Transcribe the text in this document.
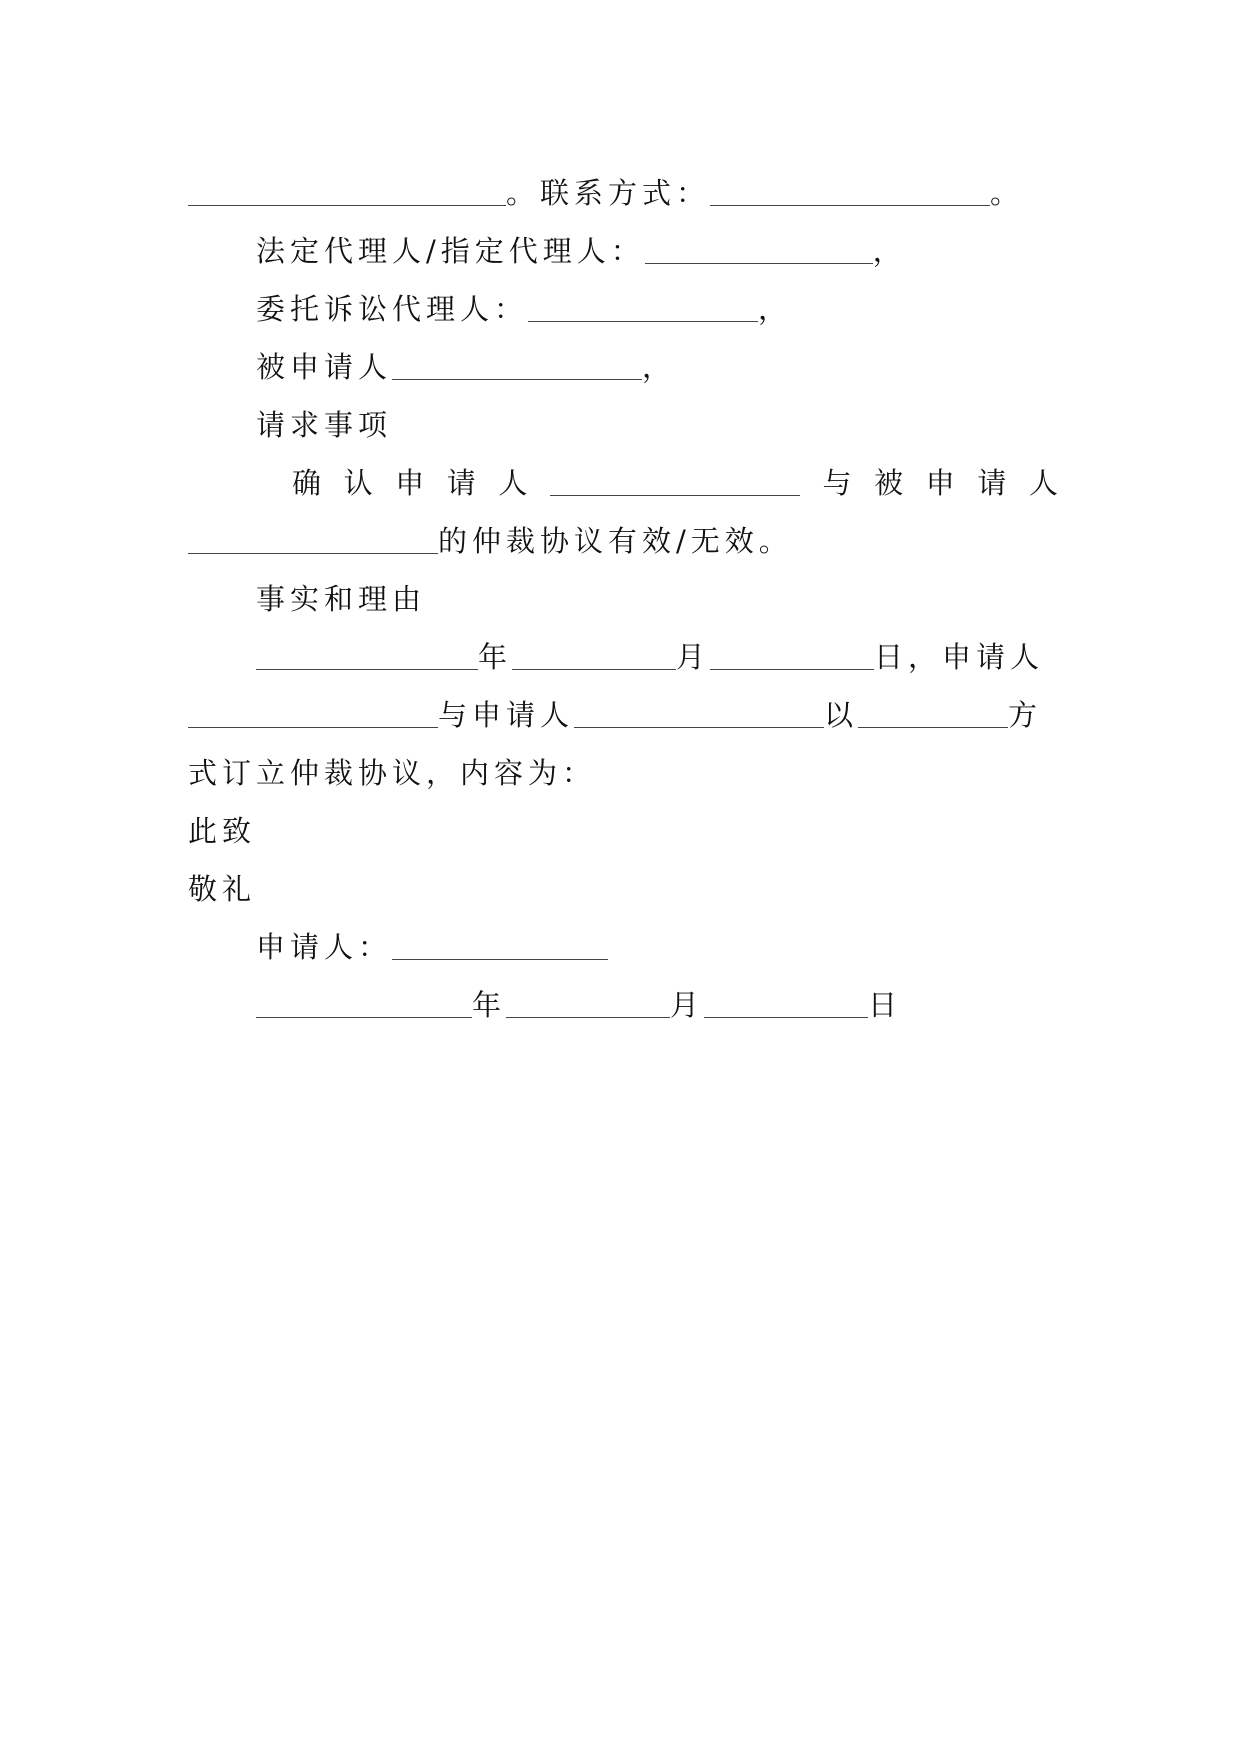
。 联系方式：	。
法定代理人/指定代理人：	，
委托诉讼代理人：	，
被申请人	，
请求事项
确 认 申 请 人	与 被 申 请 人
的仲裁协议有效/无效。
事实和理由
年	月	日，申请人
与申请人	以	方
式订立仲裁协议，内容为：
此致
敬礼
申请人：
年	月	日
